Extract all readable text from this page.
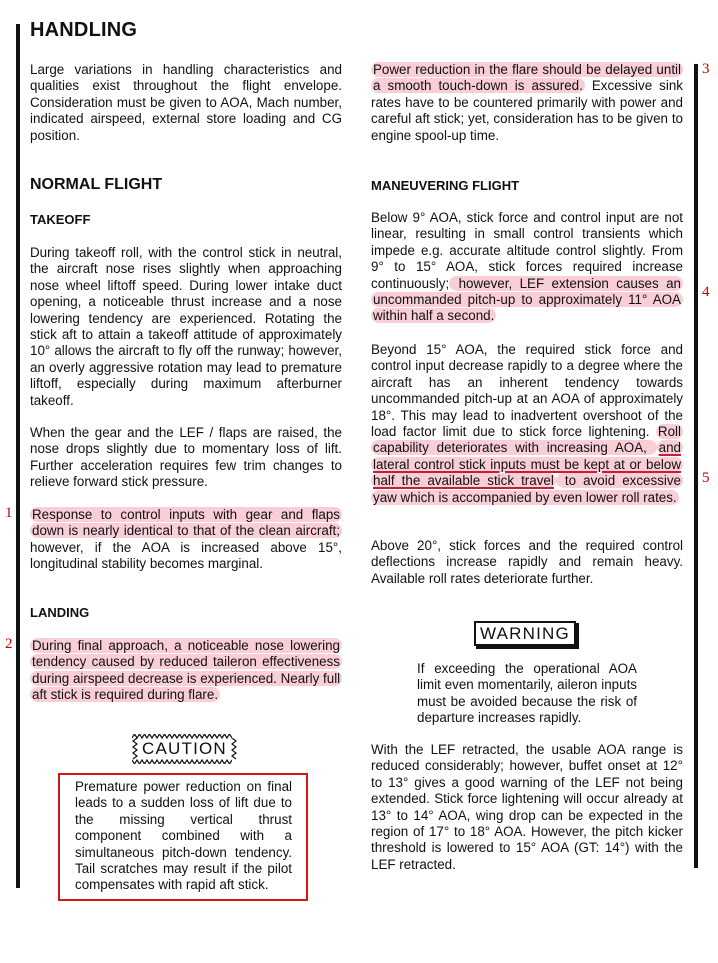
1
2
3
4
5
HANDLING

Large variations in handling characteristics and qualities exist throughout the flight envelope. Consideration must be given to AOA, Mach number, indicated airspeed, external store loading and CG position.

NORMAL FLIGHT
TAKEOFF

During takeoff roll, with the control stick in neutral, the aircraft nose rises slightly when approaching nose wheel liftoff speed. During lower intake duct opening, a noticeable thrust increase and a nose lowering tendency are experienced. Rotating the stick aft to attain a takeoff attitude of approximately 10° allows the aircraft to fly off the runway; however, an overly aggressive rotation may lead to premature liftoff, especially during maximum afterburner takeoff.

When the gear and the LEF / flaps are raised, the nose drops slightly due to momentary loss of lift. Further acceleration requires few trim changes to relieve forward stick pressure.

Response to control inputs with gear and flaps down is nearly identical to that of the clean aircraft; however, if the AOA is increased above 15°, longitudinal stability becomes marginal.

LANDING

During final approach, a noticeable nose lowering tendency caused by reduced taileron effectiveness during airspeed decrease is experienced. Nearly full aft stick is required during flare.

CAUTION

Premature power reduction on final leads to a sudden loss of lift due to the missing vertical thrust component combined with a simultaneous pitch-down tendency. Tail scratches may result if the pilot compensates with rapid aft stick.

Power reduction in the flare should be delayed until a smooth touch-down is assured. Excessive sink rates have to be countered primarily with power and careful aft stick; yet, consideration has to be given to engine spool-up time.

MANEUVERING FLIGHT

Below 9° AOA, stick force and control input are not linear, resulting in small control transients which impede e.g. accurate altitude control slightly. From 9° to 15° AOA, stick forces required increase continuously; however, LEF extension causes an uncommanded pitch-up to approximately 11° AOA within half a second.

Beyond 15° AOA, the required stick force and control input decrease rapidly to a degree where the aircraft has an inherent tendency towards uncommanded pitch-up at an AOA of approximately 18°. This may lead to inadvertent overshoot of the load factor limit due to stick force lightening. Roll capability deteriorates with increasing AOA, and lateral control stick inputs must be kept at or below half the available stick travel to avoid excessive yaw which is accompanied by even lower roll rates.

Above 20°, stick forces and the required control deflections increase rapidly and remain heavy. Available roll rates deteriorate further.

WARNING

If exceeding the operational AOA limit even momentarily, aileron inputs must be avoided because the risk of departure increases rapidly.

With the LEF retracted, the usable AOA range is reduced considerably; however, buffet onset at 12° to 13° gives a good warning of the LEF not being extended. Stick force lightening will occur already at 13° to 14° AOA, wing drop can be expected in the region of 17° to 18° AOA. However, the pitch kicker threshold is lowered to 15° AOA (GT: 14°) with the LEF retracted.
